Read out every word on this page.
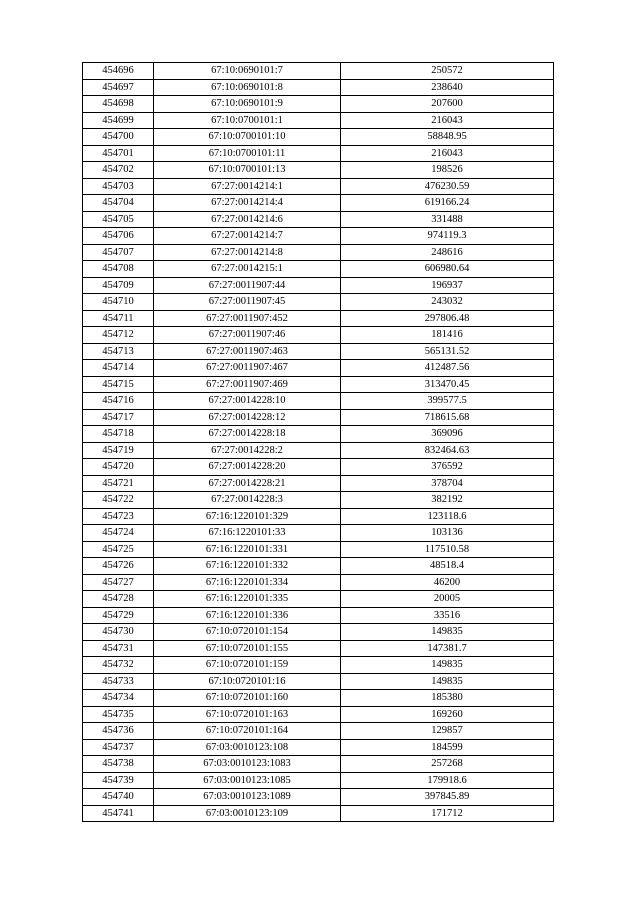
454696	67:10:0690101:7	250572
454697	67:10:0690101:8	238640
454698	67:10:0690101:9	207600
454699	67:10:0700101:1	216043
454700	67:10:0700101:10	58848.95
454701	67:10:0700101:11	216043
454702	67:10:0700101:13	198526
454703	67:27:0014214:1	476230.59
454704	67:27:0014214:4	619166.24
454705	67:27:0014214:6	331488
454706	67:27:0014214:7	974119.3
454707	67:27:0014214:8	248616
454708	67:27:0014215:1	606980.64
454709	67:27:0011907:44	196937
454710	67:27:0011907:45	243032
454711	67:27:0011907:452	297806.48
454712	67:27:0011907:46	181416
454713	67:27:0011907:463	565131.52
454714	67:27:0011907:467	412487.56
454715	67:27:0011907:469	313470.45
454716	67:27:0014228:10	399577.5
454717	67:27:0014228:12	718615.68
454718	67:27:0014228:18	369096
454719	67:27:0014228:2	832464.63
454720	67:27:0014228:20	376592
454721	67:27:0014228:21	378704
454722	67:27:0014228:3	382192
454723	67:16:1220101:329	123118.6
454724	67:16:1220101:33	103136
454725	67:16:1220101:331	117510.58
454726	67:16:1220101:332	48518.4
454727	67:16:1220101:334	46200
454728	67:16:1220101:335	20005
454729	67:16:1220101:336	33516
454730	67:10:0720101:154	149835
454731	67:10:0720101:155	147381.7
454732	67:10:0720101:159	149835
454733	67:10:0720101:16	149835
454734	67:10:0720101:160	185380
454735	67:10:0720101:163	169260
454736	67:10:0720101:164	129857
454737	67:03:0010123:108	184599
454738	67:03:0010123:1083	257268
454739	67:03:0010123:1085	179918.6
454740	67:03:0010123:1089	397845.89
454741	67:03:0010123:109	171712
